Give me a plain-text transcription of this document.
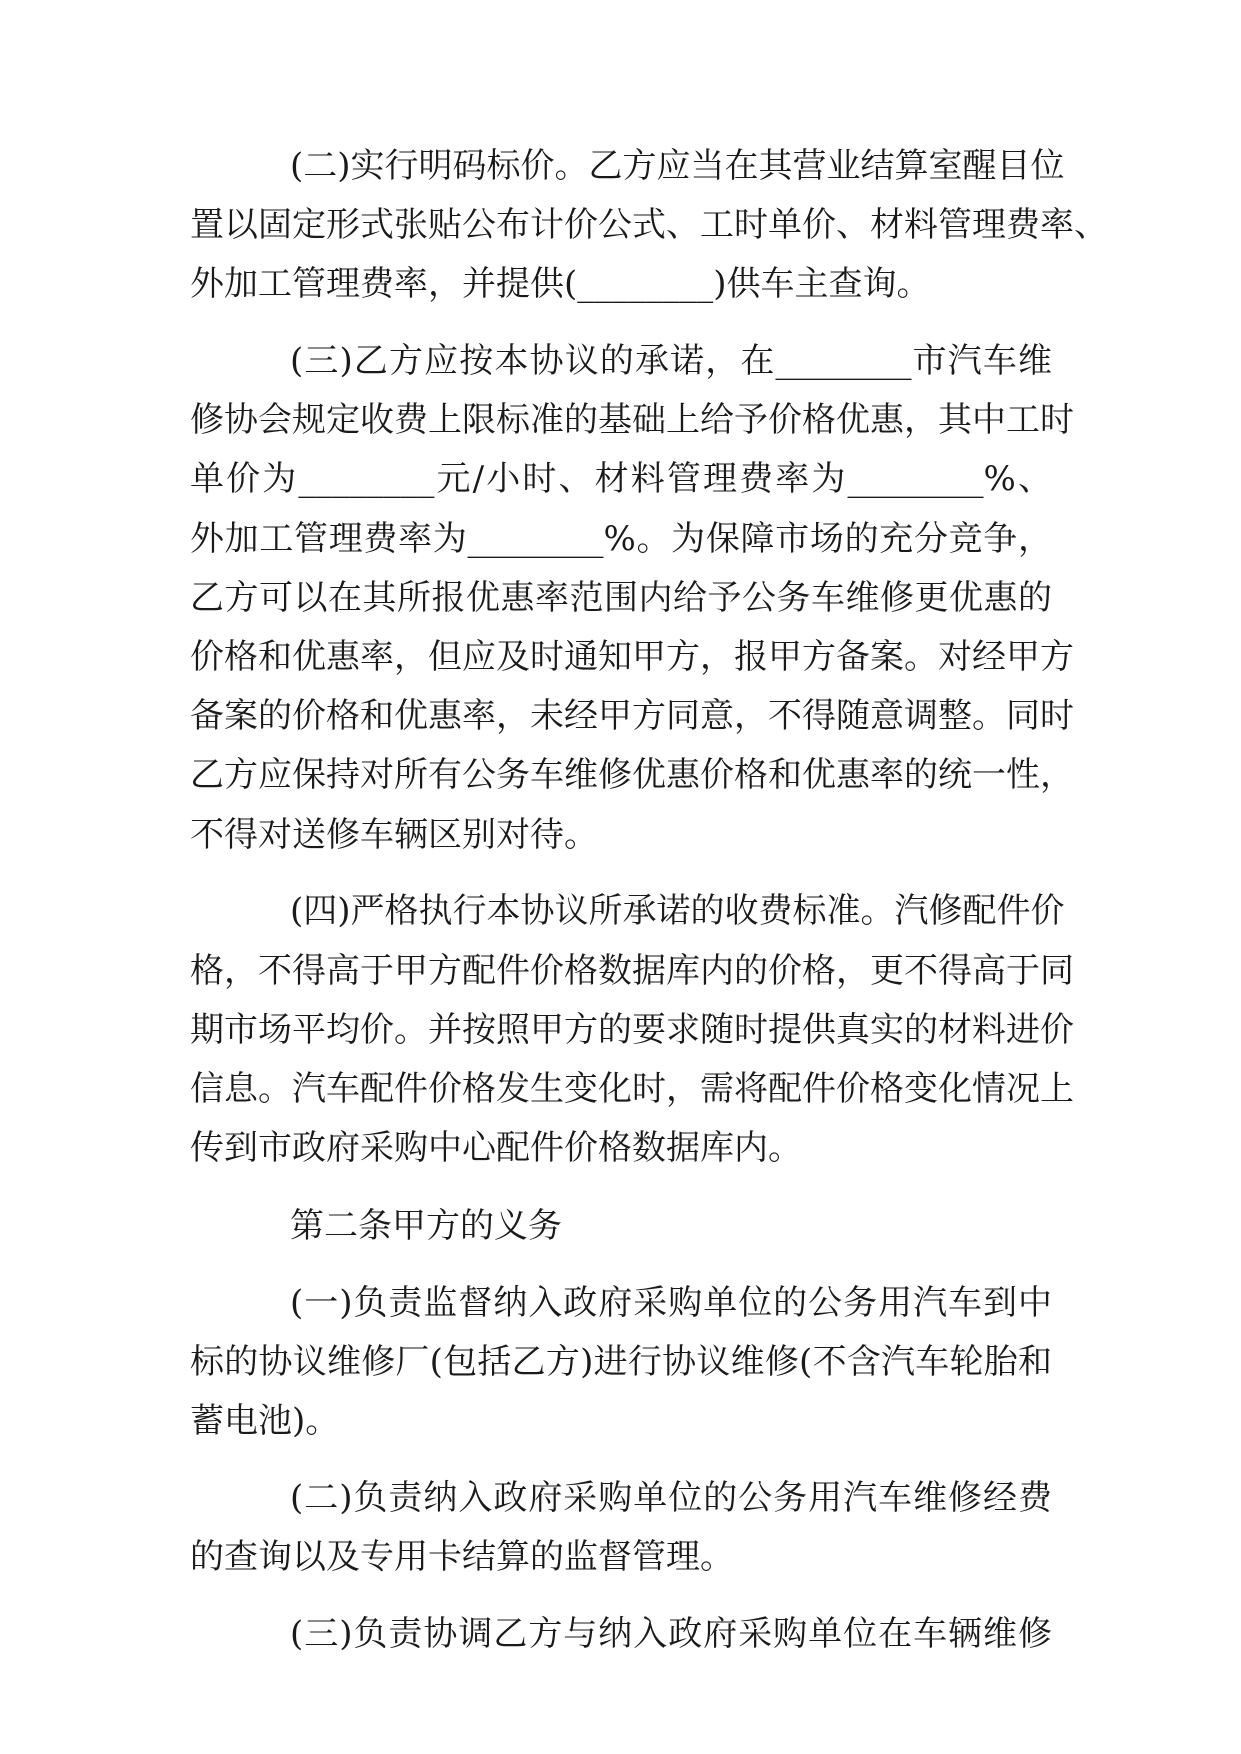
(二)实行明码标价。乙方应当在其营业结算室醒目位

置以固定形式张贴公布计价公式、工时单价、材料管理费率、

外加工管理费率，并提供(________)供车主查询。

(三)乙方应按本协议的承诺，在________市汽车维

修协会规定收费上限标准的基础上给予价格优惠，其中工时

单价为________元/小时、材料管理费率为________%、

外加工管理费率为________%。为保障市场的充分竞争，

乙方可以在其所报优惠率范围内给予公务车维修更优惠的

价格和优惠率，但应及时通知甲方，报甲方备案。对经甲方

备案的价格和优惠率，未经甲方同意，不得随意调整。同时

乙方应保持对所有公务车维修优惠价格和优惠率的统一性，

不得对送修车辆区别对待。

(四)严格执行本协议所承诺的收费标准。汽修配件价

格，不得高于甲方配件价格数据库内的价格，更不得高于同

期市场平均价。并按照甲方的要求随时提供真实的材料进价

信息。汽车配件价格发生变化时，需将配件价格变化情况上

传到市政府采购中心配件价格数据库内。

第二条甲方的义务

(一)负责监督纳入政府采购单位的公务用汽车到中

标的协议维修厂(包括乙方)进行协议维修(不含汽车轮胎和

蓄电池)。

(二)负责纳入政府采购单位的公务用汽车维修经费

的查询以及专用卡结算的监督管理。

(三)负责协调乙方与纳入政府采购单位在车辆维修
